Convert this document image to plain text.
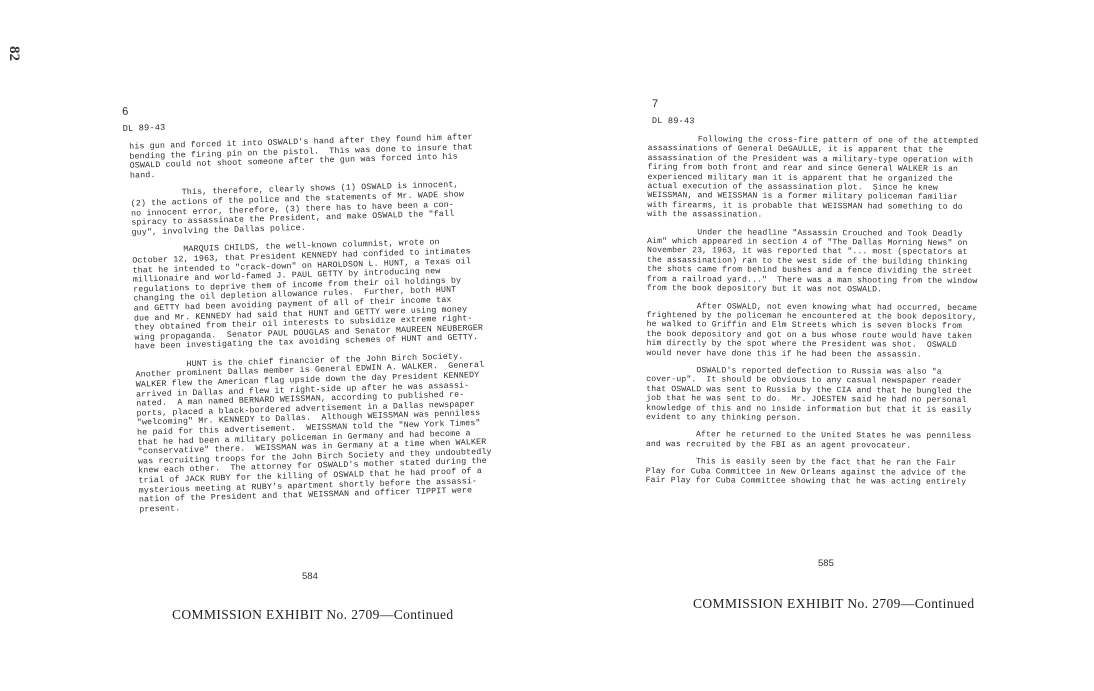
82
6
DL 89-43
his gun and forced it into OSWALD's hand after they found him after
bending the firing pin on the pistol.  This was done to insure that
OSWALD could not shoot someone after the gun was forced into his
hand.
This, therefore, clearly shows (1) OSWALD is innocent,
(2) the actions of the police and the statements of Mr. WADE show
no innocent error, therefore, (3) there has to have been a con-
spiracy to assassinate the President, and make OSWALD the "fall
guy", involving the Dallas police.
MARQUIS CHILDS, the well-known columnist, wrote on
October 12, 1963, that President KENNEDY had confided to intimates
that he intended to "crack-down" on HAROLDSON L. HUNT, a Texas oil
millionaire and world-famed J. PAUL GETTY by introducing new
regulations to deprive them of income from their oil holdings by
changing the oil depletion allowance rules.  Further, both HUNT
and GETTY had been avoiding payment of all of their income tax
due and Mr. KENNEDY had said that HUNT and GETTY were using money
they obtained from their oil interests to subsidize extreme right-
wing propaganda.  Senator PAUL DOUGLAS and Senator MAUREEN NEUBERGER
have been investigating the tax avoiding schemes of HUNT and GETTY.
HUNT is the chief financier of the John Birch Society.
Another prominent Dallas member is General EDWIN A. WALKER.  General
WALKER flew the American flag upside down the day President KENNEDY
arrived in Dallas and flew it right-side up after he was assassi-
nated.  A man named BERNARD WEISSMAN, according to published re-
ports, placed a black-bordered advertisement in a Dallas newspaper
"welcoming" Mr. KENNEDY to Dallas.  Although WEISSMAN was penniless
he paid for this advertisement.  WEISSMAN told the "New York Times"
that he had been a military policeman in Germany and had become a
"conservative" there.  WEISSMAN was in Germany at a time when WALKER
was recruiting troops for the John Birch Society and they undoubtedly
knew each other.  The attorney for OSWALD's mother stated during the
trial of JACK RUBY for the killing of OSWALD that he had proof of a
mysterious meeting at RUBY's apartment shortly before the assassi-
nation of the President and that WEISSMAN and officer TIPPIT were
present.
7
DL 89-43
Following the cross-fire pattern of one of the attempted
assassinations of General DeGAULLE, it is apparent that the
assassination of the President was a military-type operation with
firing from both front and rear and since General WALKER is an
experienced military man it is apparent that he organized the
actual execution of the assassination plot.  Since he knew
WEISSMAN, and WEISSMAN is a former military policeman familiar
with firearms, it is probable that WEISSMAN had something to do
with the assassination.
Under the headline "Assassin Crouched and Took Deadly
Aim" which appeared in section 4 of "The Dallas Morning News" on
November 23, 1963, it was reported that "... most (spectators at
the assassination) ran to the west side of the building thinking
the shots came from behind bushes and a fence dividing the street
from a railroad yard..."  There was a man shooting from the window
from the book depository but it was not OSWALD.
After OSWALD, not even knowing what had occurred, became
frightened by the policeman he encountered at the book depository,
he walked to Griffin and Elm Streets which is seven blocks from
the book depository and got on a bus whose route would have taken
him directly by the spot where the President was shot.  OSWALD
would never have done this if he had been the assassin.
OSWALD's reported defection to Russia was also "a
cover-up".  It should be obvious to any casual newspaper reader
that OSWALD was sent to Russia by the CIA and that he bungled the
job that he was sent to do.  Mr. JOESTEN said he had no personal
knowledge of this and no inside information but that it is easily
evident to any thinking person.
After he returned to the United States he was penniless
and was recruited by the FBI as an agent provocateur.
This is easily seen by the fact that he ran the Fair
Play for Cuba Committee in New Orleans against the advice of the
Fair Play for Cuba Committee showing that he was acting entirely
584
COMMISSION EXHIBIT No. 2709—Continued
585
COMMISSION EXHIBIT No. 2709—Continued
